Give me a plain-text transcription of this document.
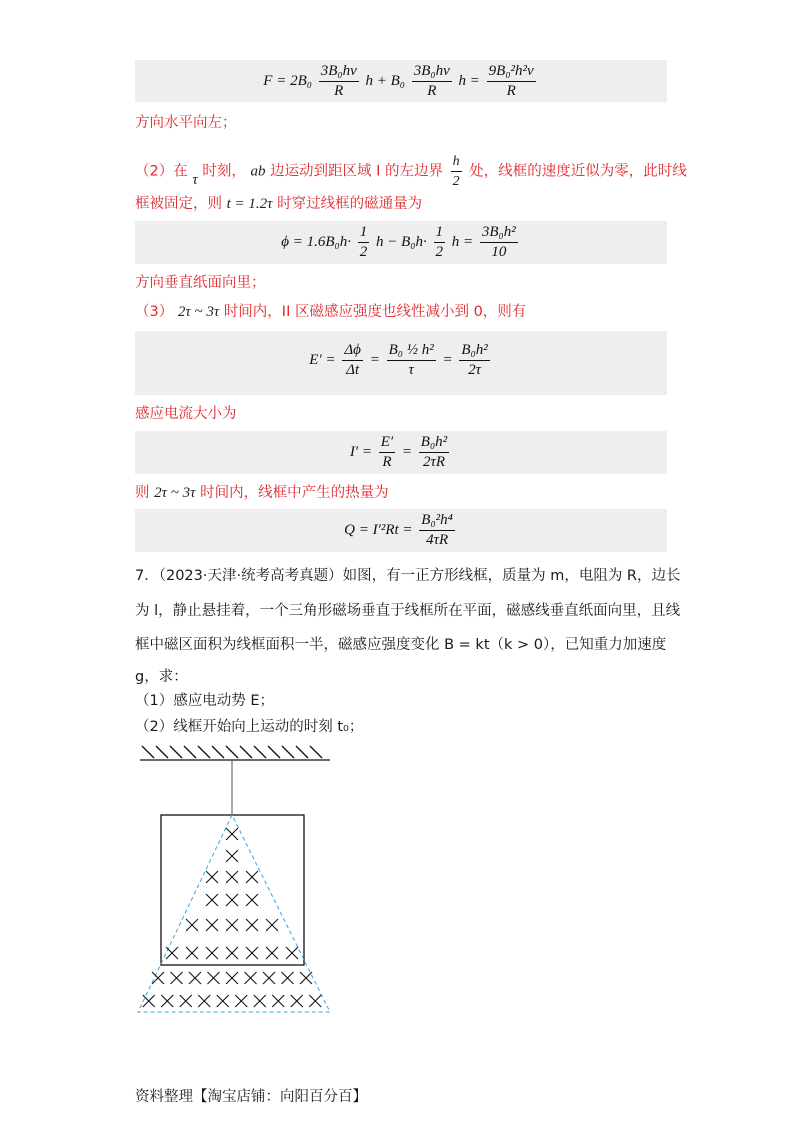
$F = 2B_0 \frac{\text{3B₀hv}}{R}$ $h + B_0 \frac{\text{3B₀hv}}{R}$ $h = \frac{\text{9B₀²h²v}}{R}$
方向水平向左；
（2）在 τ 时刻， ab 边运动到距区域 I 的左边界 $\frac{h}{2}$ 处，线框的速度近似为零，此时线
框被固定，则 t = 1.2τ 时穿过线框的磁通量为
$\phi = 1.6B_0h\cdot \frac{1}{2}$ $h - B_0h\cdot \frac{1}{2}$ $h = \frac{\text{3B₀h²}}{10}$
方向垂直纸面向里；
（3） 2τ ~ 3τ 时间内，II 区磁感应强度也线性减小到 0，则有
$E' = \frac{\Delta\phi}{\Delta t} = \frac{\text{B₀ ½ h²}}{\tau} = \frac{\text{B₀h²}}{2\tau}$
感应电流大小为
$I' = \frac{E'}{R} = \frac{\text{B₀h²}}{2\tau R}$
则 2τ ~ 3τ 时间内，线框中产生的热量为
$Q = I'^2Rt = \frac{\text{B₀²h⁴}}{4\tau R}$
7．（2023·天津·统考高考真题）如图，有一正方形线框，质量为 m，电阻为 R，边长
为 l，静止悬挂着，一个三角形磁场垂直于线框所在平面，磁感线垂直纸面向里，且线
框中磁区面积为线框面积一半，磁感应强度变化 B = kt（k > 0），已知重力加速度
g，求：
（1）感应电动势 E；
（2）线框开始向上运动的时刻 t₀；
资料整理【淘宝店铺：向阳百分百】
